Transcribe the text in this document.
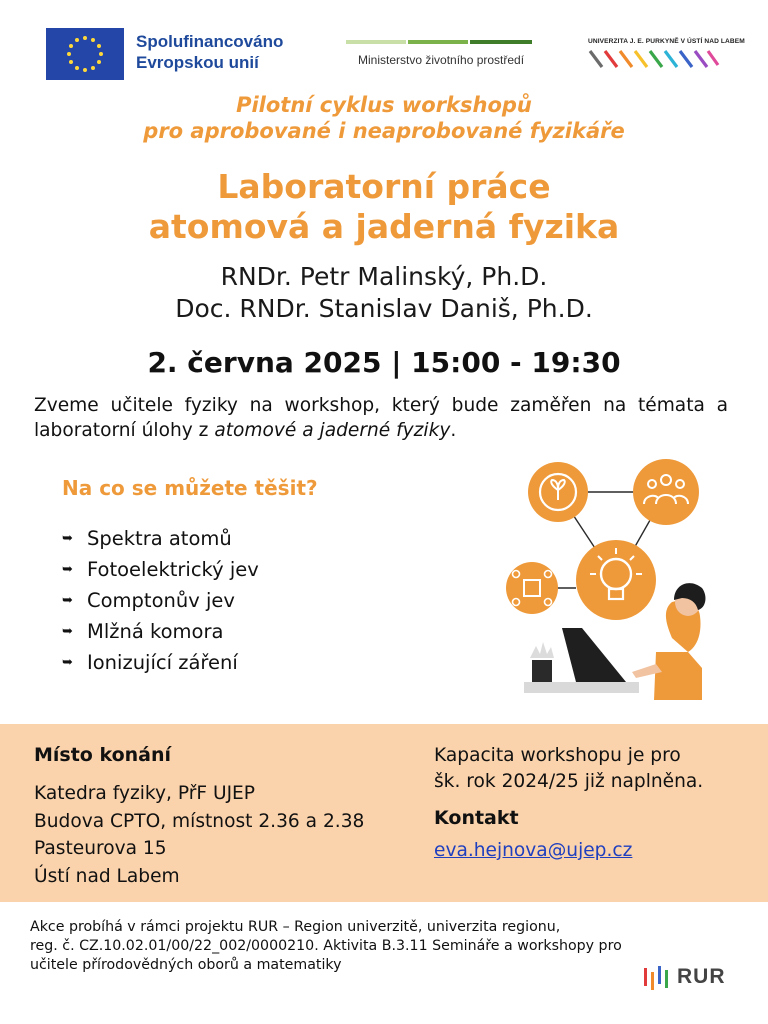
Spolufinancováno
Evropskou unií	Ministerstvo životního prostředí
UNIVERZITA J. E. PURKYNĚ V ÚSTÍ NAD LABEM
Pilotní cyklus workshopů
pro aprobované i neaprobované fyzikáře
Laboratorní práce
atomová a jaderná fyzika
RNDr. Petr Malinský, Ph.D.
Doc. RNDr. Stanislav Daniš, Ph.D.
2. června 2025 | 15:00 - 19:30
Zveme učitele fyziky na workshop, který bude zaměřen na témata a laboratorní úlohy z atomové a jaderné fyziky.
Na co se můžete těšit?
➥ Spektra atomů
➥ Fotoelektrický jev
➥ Comptonův jev
➥ Mlžná komora
➥ Ionizující záření
Místo konání
Katedra fyziky, PřF UJEP
Budova CPTO, místnost 2.36 a 2.38
Pasteurova 15
Ústí nad Labem
Kapacita workshopu je pro
šk. rok 2024/25 již naplněna.
Kontakt
eva.hejnova@ujep.cz
Akce probíhá v rámci projektu RUR – Region univerzitě, univerzita regionu,
reg. č. CZ.10.02.01/00/22_002/0000210. Aktivita B.3.11 Semináře a workshopy pro
učitele přírodovědných oborů a matematiky	RUR
